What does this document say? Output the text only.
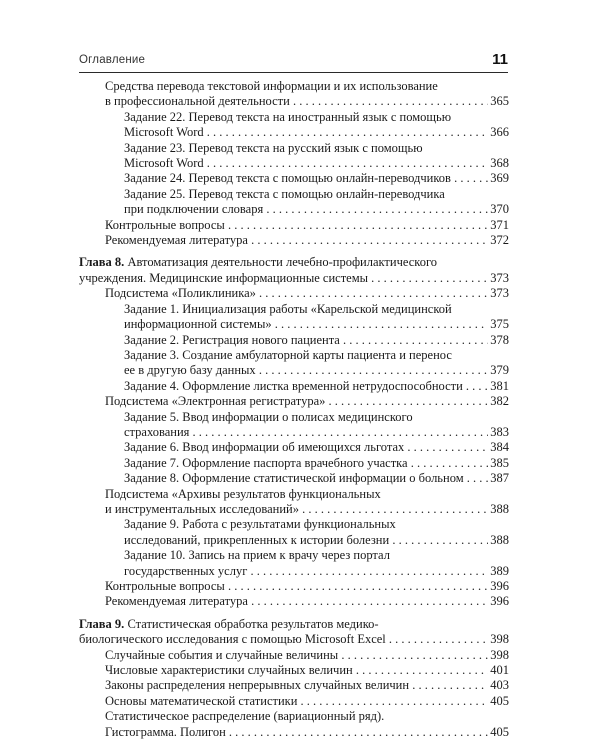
Оглавление	11
Средства перевода текстовой информации и их использование
в профессиональной деятельности . . .	365
Задание 22. Перевод текста на иностранный язык с помощью
Microsoft Word . . .	366
Задание 23. Перевод текста на русский язык с помощью
Microsoft Word . . .	368
Задание 24. Перевод текста с помощью онлайн-переводчиков . . .	369
Задание 25. Перевод текста с помощью онлайн-переводчика
при подключении словаря . . .	370
Контрольные вопросы . . .	371
Рекомендуемая литература . . .	372
Глава 8. Автоматизация деятельности лечебно-профилактического
учреждения. Медицинские информационные системы . . .	373
Подсистема «Поликлиника» . . .	373
Задание 1. Инициализация работы «Карельской медицинской
информационной системы» . . .	375
Задание 2. Регистрация нового пациента . . .	378
Задание 3. Создание амбулаторной карты пациента и перенос
ее в другую базу данных . . .	379
Задание 4. Оформление листка временной нетрудоспособности . . .	381
Подсистема «Электронная регистратура» . . .	382
Задание 5. Ввод информации о полисах медицинского
страхования . . .	383
Задание 6. Ввод информации об имеющихся льготах . . .	384
Задание 7. Оформление паспорта врачебного участка . . .	385
Задание 8. Оформление статистической информации о больном . . .	387
Подсистема «Архивы результатов функциональных
и инструментальных исследований» . . .	388
Задание 9. Работа с результатами функциональных
исследований, прикрепленных к истории болезни . . .	388
Задание 10. Запись на прием к врачу через портал
государственных услуг . . .	389
Контрольные вопросы . . .	396
Рекомендуемая литература . . .	396
Глава 9. Статистическая обработка результатов медико-
биологического исследования с помощью Microsoft Excel . . .	398
Случайные события и случайные величины . . .	398
Числовые характеристики случайных величин . . .	401
Законы распределения непрерывных случайных величин . . .	403
Основы математической статистики . . .	405
Статистическое распределение (вариационный ряд).
Гистограмма. Полигон . . .	405
